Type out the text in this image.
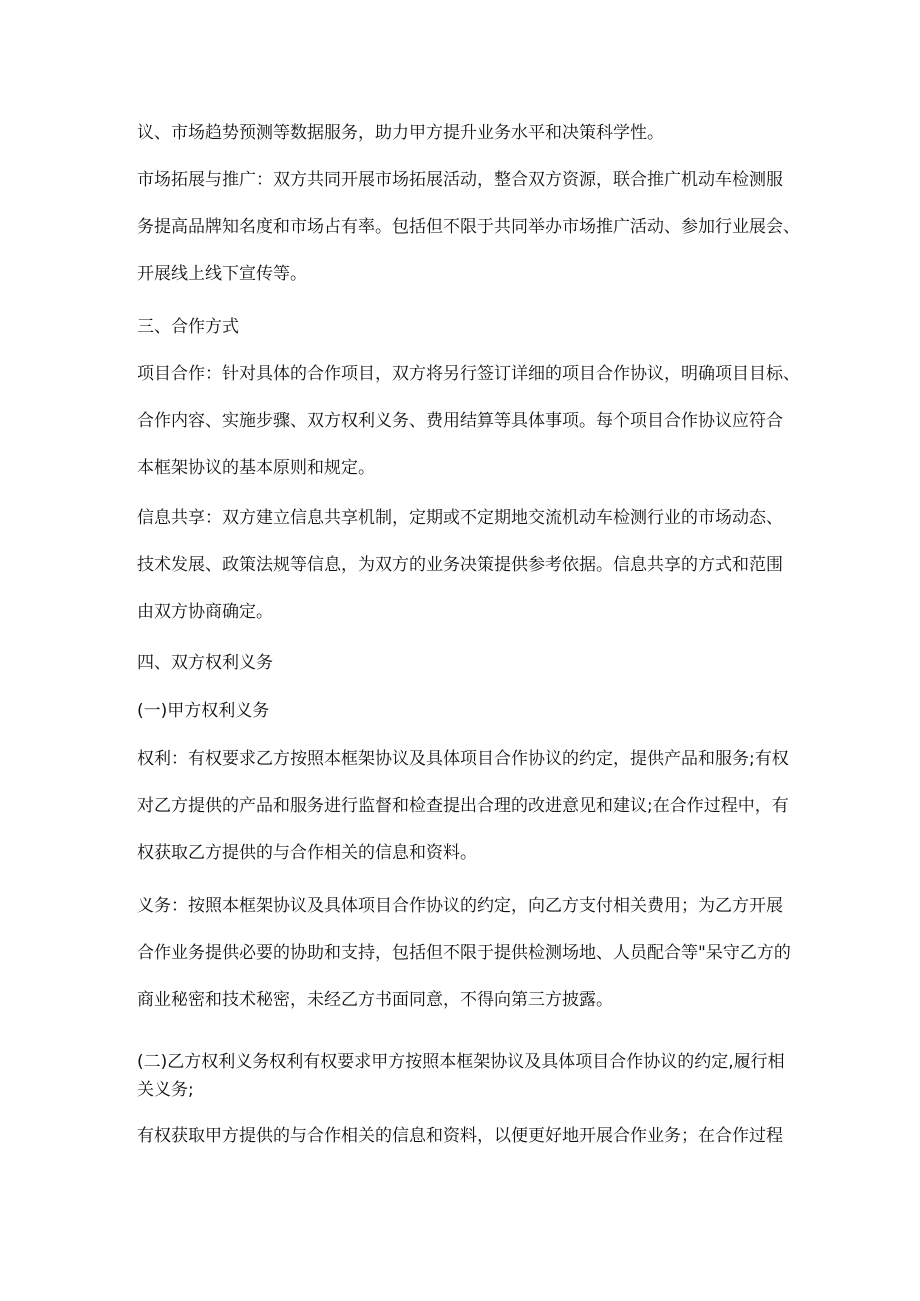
议、市场趋势预测等数据服务，助力甲方提升业务水平和决策科学性。
市场拓展与推广：双方共同开展市场拓展活动，整合双方资源，联合推广机动车检测服
务提高品牌知名度和市场占有率。包括但不限于共同举办市场推广活动、参加行业展会、
开展线上线下宣传等。
三、合作方式
项目合作：针对具体的合作项目，双方将另行签订详细的项目合作协议，明确项目目标、
合作内容、实施步骤、双方权利义务、费用结算等具体事项。每个项目合作协议应符合
本框架协议的基本原则和规定。
信息共享：双方建立信息共享机制，定期或不定期地交流机动车检测行业的市场动态、
技术发展、政策法规等信息，为双方的业务决策提供参考依据。信息共享的方式和范围
由双方协商确定。
四、双方权利义务
(一)甲方权利义务
权利：有权要求乙方按照本框架协议及具体项目合作协议的约定，提供产品和服务;有权
对乙方提供的产品和服务进行监督和检查提出合理的改进意见和建议;在合作过程中，有
权获取乙方提供的与合作相关的信息和资料。
义务：按照本框架协议及具体项目合作协议的约定，向乙方支付相关费用；为乙方开展
合作业务提供必要的协助和支持，包括但不限于提供检测场地、人员配合等"呆守乙方的
商业秘密和技术秘密，未经乙方书面同意，不得向第三方披露。
(二)乙方权利义务权利有权要求甲方按照本框架协议及具体项目合作协议的约定,履行相
关义务;
有权获取甲方提供的与合作相关的信息和资料，以便更好地开展合作业务；在合作过程
